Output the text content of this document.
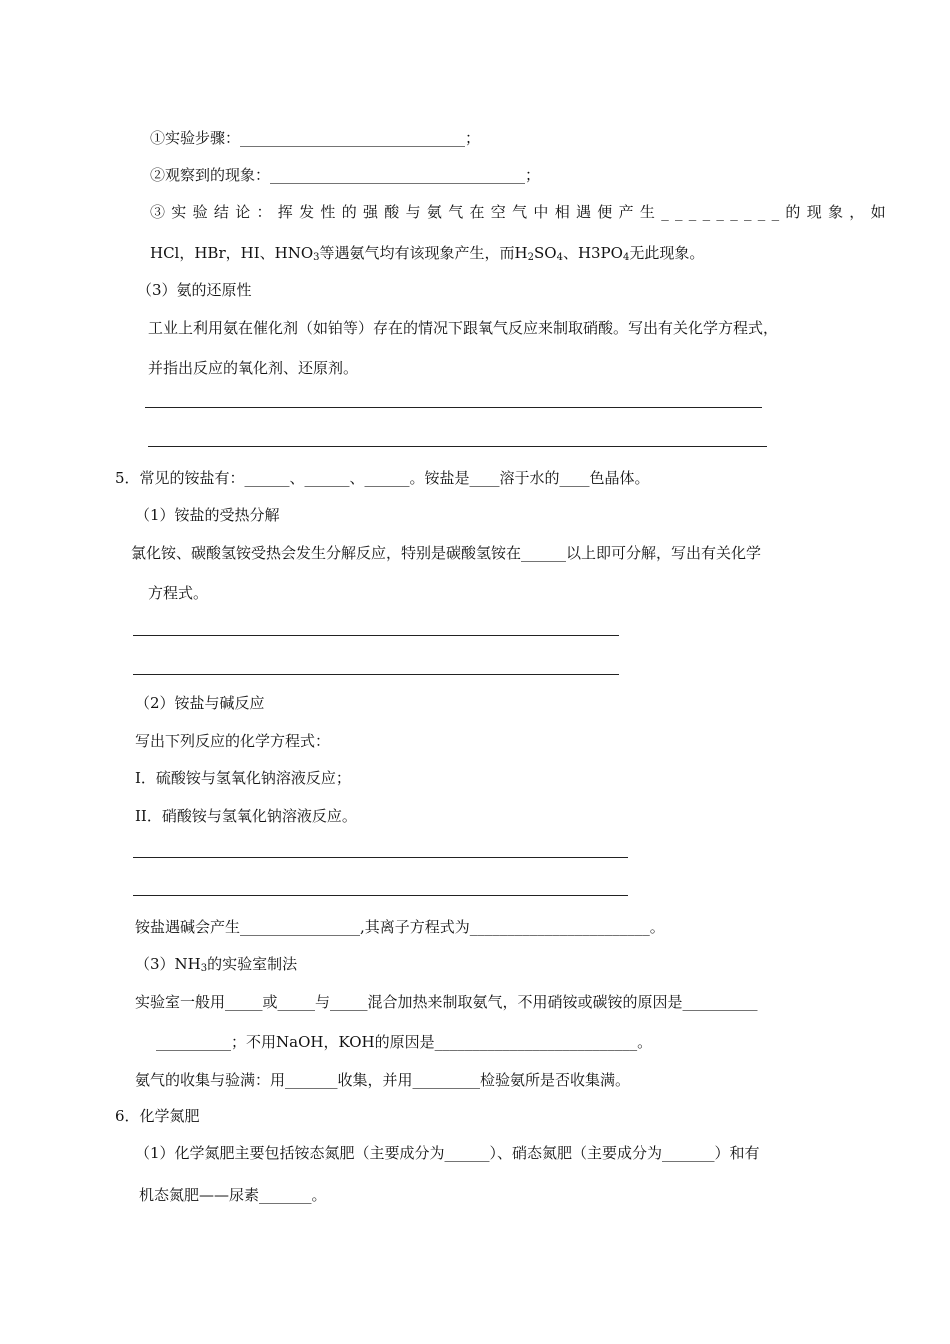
①实验步骤：______________________________；
②观察到的现象：__________________________________；
③实验结论：挥发性的强酸与氨气在空气中相遇便产生_________的现象，如
HCl，HBr，HI、$HNO_3$等遇氨气均有该现象产生，而$H_2SO_4$、$H3PO_4$无此现象。
（3）氨的还原性
工业上利用氨在催化剂（如铂等）存在的情况下跟氧气反应来制取硝酸。写出有关化学方程式，
并指出反应的氧化剂、还原剂。
5．常见的铵盐有：______、______、______。铵盐是____溶于水的____色晶体。
（1）铵盐的受热分解
氯化铵、碳酸氢铵受热会发生分解反应，特别是碳酸氢铵在______以上即可分解，写出有关化学
方程式。
（2）铵盐与碱反应
写出下列反应的化学方程式：
I．硫酸铵与氢氧化钠溶液反应；
II．硝酸铵与氢氧化钠溶液反应。
铵盐遇碱会产生________________,其离子方程式为________________________。
$(3)NH_3$的实验室制法
实验室一般用_____或_____与_____混合加热来制取氨气，不用硝铵或碳铵的原因是__________
__________；不用NaOH，KOH的原因是___________________________。
氨气的收集与验满：用_______收集，并用_________检验氨所是否收集满。
6．化学氮肥
（1）化学氮肥主要包括铵态氮肥（主要成分为______）、硝态氮肥（主要成分为_______）和有
机态氮肥——尿素_______。
